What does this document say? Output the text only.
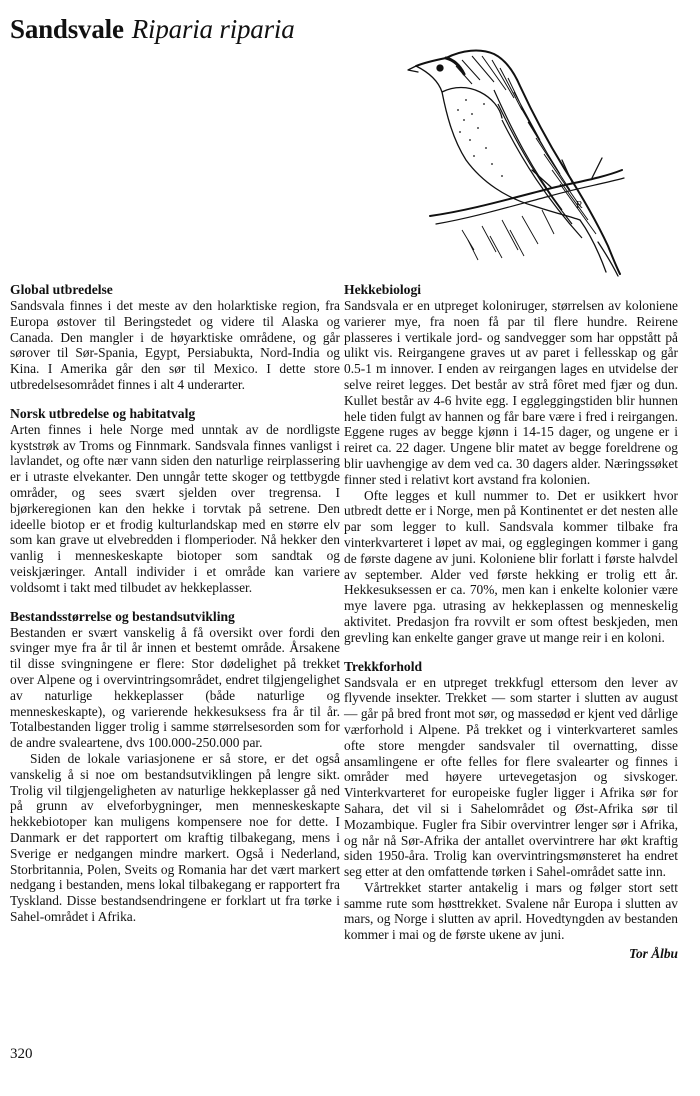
Sandsvale Riparia riparia
R
Global utbredelse

Sandsvala finnes i det meste av den holarktiske region, fra Europa østover til Beringstedet og videre til Alaska og Canada. Den mangler i de høyarktiske områdene, og går sørover til Sør-Spania, Egypt, Persiabukta, Nord-India og Kina. I Amerika går den sør til Mexico. I dette store utbredelsesområdet finnes i alt 4 underarter.

Norsk utbredelse og habitatvalg

Arten finnes i hele Norge med unntak av de nordligste kyststrøk av Troms og Finnmark. Sandsvala finnes vanligst i lavlandet, og ofte nær vann siden den naturlige reirplassering er i utraste elvekanter. Den unngår tette skoger og tettbygde områder, og sees svært sjelden over tregrensa. I bjørkeregionen kan den hekke i torvtak på setrene. Den ideelle biotop er et frodig kulturlandskap med en større elv som kan grave ut elvebredden i flomperioder. Nå hekker den vanlig i menneskeskapte biotoper som sandtak og veiskjæringer. Antall individer i et område kan variere voldsomt i takt med tilbudet av hekkeplasser.

Bestandsstørrelse og bestandsutvikling

Bestanden er svært vanskelig å få oversikt over fordi den svinger mye fra år til år innen et bestemt område. Årsakene til disse svingningene er flere: Stor dødelighet på trekket over Alpene og i overvintringsområdet, endret tilgjengelighet av naturlige hekkeplasser (både naturlige og menneskeskapte), og varierende hekkesuksess fra år til år. Totalbestanden ligger trolig i samme størrelsesorden som for de andre svaleartene, dvs 100.000-250.000 par.

Siden de lokale variasjonene er så store, er det også vanskelig å si noe om bestandsutviklingen på lengre sikt. Trolig vil tilgjengeligheten av naturlige hekkeplasser gå ned på grunn av elveforbygninger, men menneskeskapte hekkebiotoper kan muligens kompensere noe for dette. I Danmark er det rapportert om kraftig tilbakegang, mens i Sverige er nedgangen mindre markert. Også i Nederland, Storbritannia, Polen, Sveits og Romania har det vært markert nedgang i bestanden, mens lokal tilbakegang er rapportert fra Tyskland. Disse bestandsendringene er forklart ut fra tørke i Sahel-området i Afrika.

Hekkebiologi

Sandsvala er en utpreget koloniruger, størrelsen av koloniene varierer mye, fra noen få par til flere hundre. Reirene plasseres i vertikale jord- og sandvegger som har oppstått på ulikt vis. Reirgangene graves ut av paret i fellesskap og går 0.5-1 m innover. I enden av reirgangen lages en utvidelse der selve reiret legges. Det består av strå fôret med fjær og dun. Kullet består av 4-6 hvite egg. I eggleggingstiden blir hunnen hele tiden fulgt av hannen og får bare være i fred i reirgangen. Eggene ruges av begge kjønn i 14-15 dager, og ungene er i reiret ca. 22 dager. Ungene blir matet av begge foreldrene og blir uavhengige av dem ved ca. 30 dagers alder. Næringssøket finner sted i relativt kort avstand fra kolonien.

Ofte legges et kull nummer to. Det er usikkert hvor utbredt dette er i Norge, men på Kontinentet er det nesten alle par som legger to kull. Sandsvala kommer tilbake fra vinterkvarteret i løpet av mai, og egglegingen kommer i gang de første dagene av juni. Koloniene blir forlatt i første halvdel av september. Alder ved første hekking er trolig ett år. Hekkesuksessen er ca. 70%, men kan i enkelte kolonier være mye lavere pga. utrasing av hekkeplassen og menneskelig aktivitet. Predasjon fra rovvilt er som oftest beskjeden, men grevling kan enkelte ganger grave ut mange reir i en koloni.

Trekkforhold

Sandsvala er en utpreget trekkfugl ettersom den lever av flyvende insekter. Trekket — som starter i slutten av august — går på bred front mot sør, og massedød er kjent ved dårlige værforhold i Alpene. På trekket og i vinterkvarteret samles ofte store mengder sandsvaler til overnatting, disse ansamlingene er ofte felles for flere svalearter og finnes i områder med høyere urtevegetasjon og sivskoger. Vinterkvarteret for europeiske fugler ligger i Afrika sør for Sahara, det vil si i Sahelområdet og Øst-Afrika sør til Mozambique. Fugler fra Sibir overvintrer lenger sør i Afrika, og når nå Sør-Afrika der antallet overvintrere har økt kraftig siden 1950-åra. Trolig kan overvintringsmønsteret ha endret seg etter at den omfattende tørken i Sahel-området satte inn.

Vårtrekket starter antakelig i mars og følger stort sett samme rute som høsttrekket. Svalene når Europa i slutten av mars, og Norge i slutten av april. Hovedtyngden av bestanden kommer i mai og de første ukene av juni.

Tor Ålbu
320
